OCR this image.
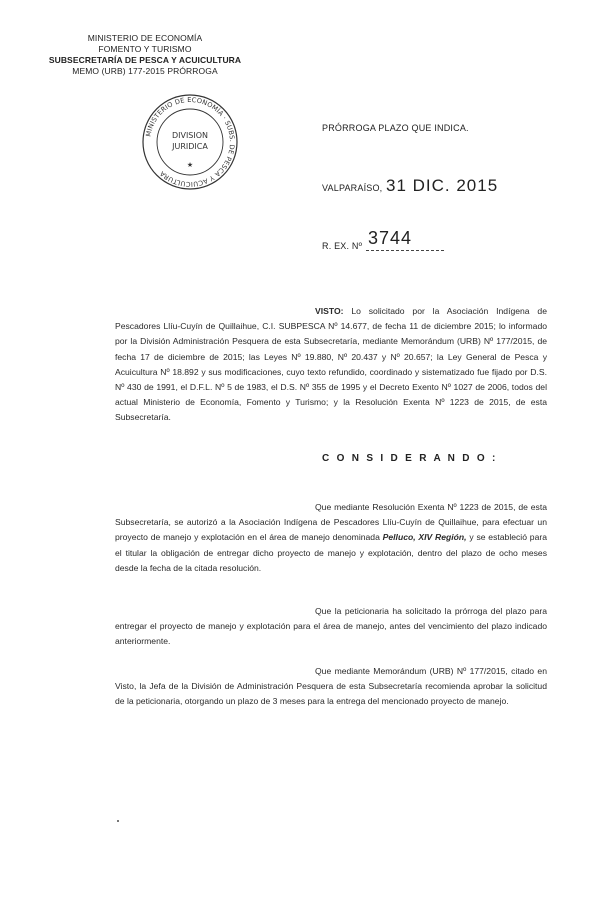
MINISTERIO DE ECONOMÍA
FOMENTO Y TURISMO
SUBSECRETARÍA DE PESCA Y ACUICULTURA
MEMO (URB) 177-2015 PRÓRROGA
MINISTERIO DE ECONOMÍA · SUBS. DE PESCA Y ACUICULTURA
DIVISION
JURIDICA
★
PRÓRROGA PLAZO QUE INDICA.
VALPARAÍSO, 31 DIC. 2015
R. EX. Nº 3744
VISTO: Lo solicitado por la Asociación Indígena de Pescadores Llíu-Cuyín de Quillaihue, C.I. SUBPESCA Nº 14.677, de fecha 11 de diciembre 2015; lo informado por la División Administración Pesquera de esta Subsecretaría, mediante Memorándum (URB) Nº 177/2015, de fecha 17 de diciembre de 2015; las Leyes Nº 19.880, Nº 20.437 y Nº 20.657; la Ley General de Pesca y Acuicultura Nº 18.892 y sus modificaciones, cuyo texto refundido, coordinado y sistematizado fue fijado por D.S. Nº 430 de 1991, el D.F.L. Nº 5 de 1983, el D.S. Nº 355 de 1995 y el Decreto Exento Nº 1027 de 2006, todos del actual Ministerio de Economía, Fomento y Turismo; y la Resolución Exenta Nº 1223 de 2015, de esta Subsecretaría.
C O N S I D E R A N D O :
Que mediante Resolución Exenta Nº 1223 de 2015, de esta Subsecretaría, se autorizó a la Asociación Indígena de Pescadores Llíu-Cuyín de Quillaihue, para efectuar un proyecto de manejo y explotación en el área de manejo denominada Pelluco, XIV Región, y se estableció para el titular la obligación de entregar dicho proyecto de manejo y explotación, dentro del plazo de ocho meses desde la fecha de la citada resolución.
Que la peticionaria ha solicitado la prórroga del plazo para entregar el proyecto de manejo y explotación para el área de manejo, antes del vencimiento del plazo indicado anteriormente.
Que mediante Memorándum (URB) Nº 177/2015, citado en Visto, la Jefa de la División de Administración Pesquera de esta Subsecretaría recomienda aprobar la solicitud de la peticionaria, otorgando un plazo de 3 meses para la entrega del mencionado proyecto de manejo.
